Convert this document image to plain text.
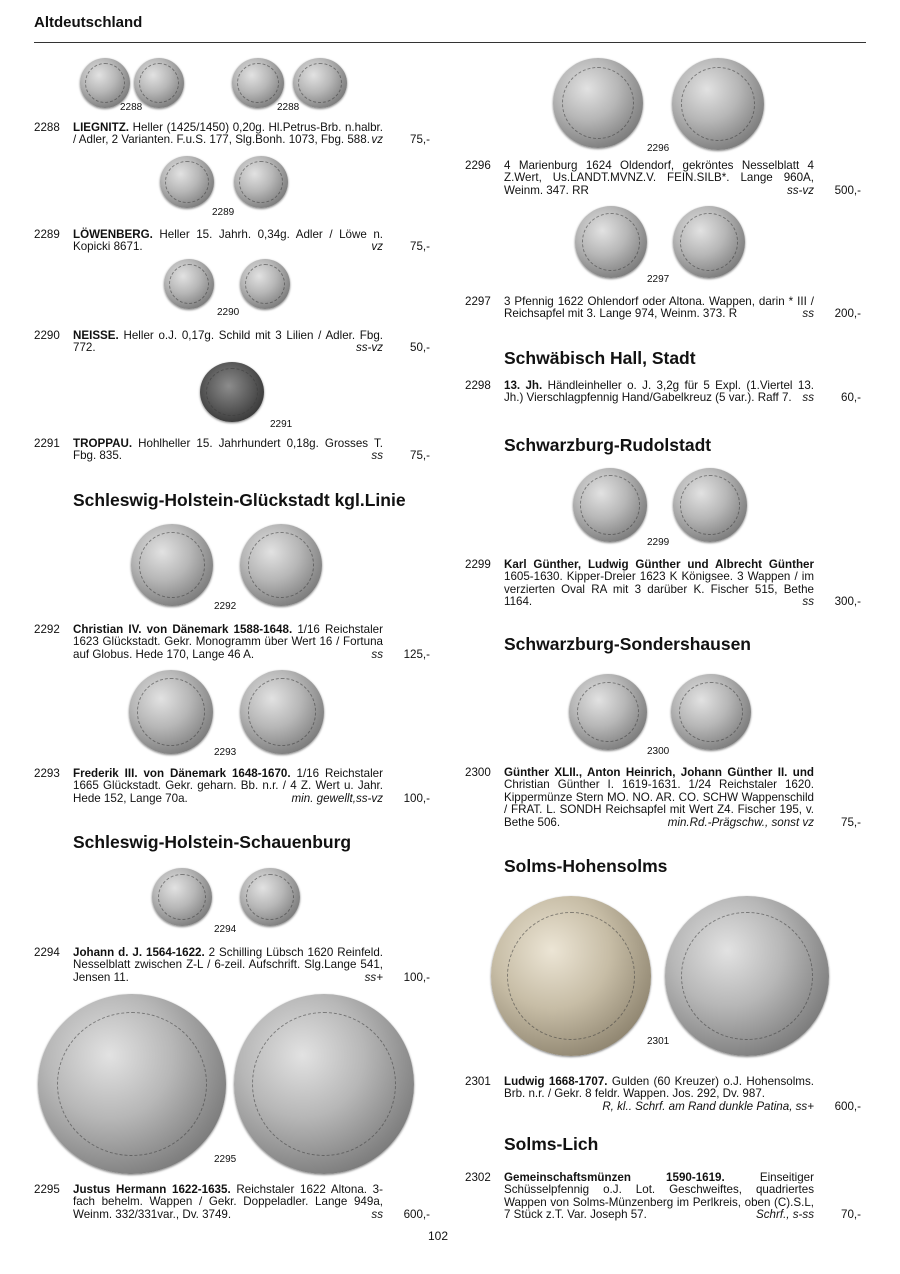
Altdeutschland
2288	2288
2288 LIEGNITZ. Heller (1425/1450) 0,20g. Hl.Petrus-Brb. n.halbr. / Adler, 2 Varianten. F.u.S. 177, Slg.Bonh. 1073, Fbg. 588. vz 75,-
2289
2289 LÖWENBERG. Heller 15. Jahrh. 0,34g. Adler / Löwe n. Kopicki 8671.	vz 75,-
2290
2290 NEISSE. Heller o.J. 0,17g. Schild mit 3 Lilien / Adler. Fbg. 772.	ss-vz 50,-
2291
2291 TROPPAU. Hohlheller 15. Jahrhundert 0,18g. Grosses T. Fbg. 835.	ss 75,-
Schleswig-Holstein-Glückstadt kgl.Linie
2292
2292 Christian IV. von Dänemark 1588-1648. 1/16 Reichstaler 1623 Glückstadt. Gekr. Monogramm über Wert 16 / Fortuna auf Globus. Hede 170, Lange 46 A.	ss 125,-
2293
2293 Frederik III. von Dänemark 1648-1670. 1/16 Reichstaler 1665 Glückstadt. Gekr. geharn. Bb. n.r. / 4 Z. Wert u. Jahr. Hede 152, Lange 70a.	min. gewellt,ss-vz 100,-
Schleswig-Holstein-Schauenburg
2294
2294 Johann d. J. 1564-1622. 2 Schilling Lübsch 1620 Reinfeld. Nesselblatt zwischen Z-L / 6-zeil. Aufschrift. Slg.Lange 541, Jensen 11.	ss+ 100,-
2295
2295 Justus Hermann 1622-1635. Reichstaler 1622 Altona. 3-fach behelm. Wappen / Gekr. Doppeladler. Lange 949a, Weinm. 332/331var., Dv. 3749.	ss 600,-
2296
2296 4 Marienburg 1624 Oldendorf, gekröntes Nesselblatt 4 Z.Wert, Us.LANDT.MVNZ.V. FEIN.SILB*. Lange 960A, Weinm. 347. RR	ss-vz 500,-
2297
2297 3 Pfennig 1622 Ohlendorf oder Altona. Wappen, darin * III / Reichsapfel mit 3. Lange 974, Weinm. 373. R	ss 200,-
Schwäbisch Hall, Stadt
2298 13. Jh. Händleinheller o. J. 3,2g für 5 Expl. (1.Viertel 13. Jh.) Vierschlagpfennig Hand/Gabelkreuz (5 var.). Raff 7. ss 60,-
Schwarzburg-Rudolstadt
2299
2299 Karl Günther, Ludwig Günther und Albrecht Günther 1605-1630. Kipper-Dreier 1623 K Königsee. 3 Wappen / im verzierten Oval RA mit 3 darüber K. Fischer 515, Bethe 1164.	ss 300,-
Schwarzburg-Sondershausen
2300
2300 Günther XLII., Anton Heinrich, Johann Günther II. und Christian Günther I. 1619-1631. 1/24 Reichstaler 1620. Kippermünze Stern MO. NO. AR. CO. SCHW Wappenschild / FRAT. L. SONDH Reichsapfel mit Wert Z4. Fischer 195, v. Bethe 506.	min.Rd.-Prägschw., sonst vz 75,-
Solms-Hohensolms
2301
2301 Ludwig 1668-1707. Gulden (60 Kreuzer) o.J. Hohensolms. Brb. n.r. / Gekr. 8 feldr. Wappen. Jos. 292, Dv. 987.
R, kl.. Schrf. am Rand dunkle Patina, ss+ 600,-
Solms-Lich
2302 Gemeinschaftsmünzen 1590-1619.	Einseitiger Schüsselpfennig o.J. Lot. Geschweiftes, quadriertes Wappen von Solms-Münzenberg im Perlkreis, oben (C).S.L, 7 Stück z.T. Var. Joseph 57.	Schrf., s-ss 70,-
102
